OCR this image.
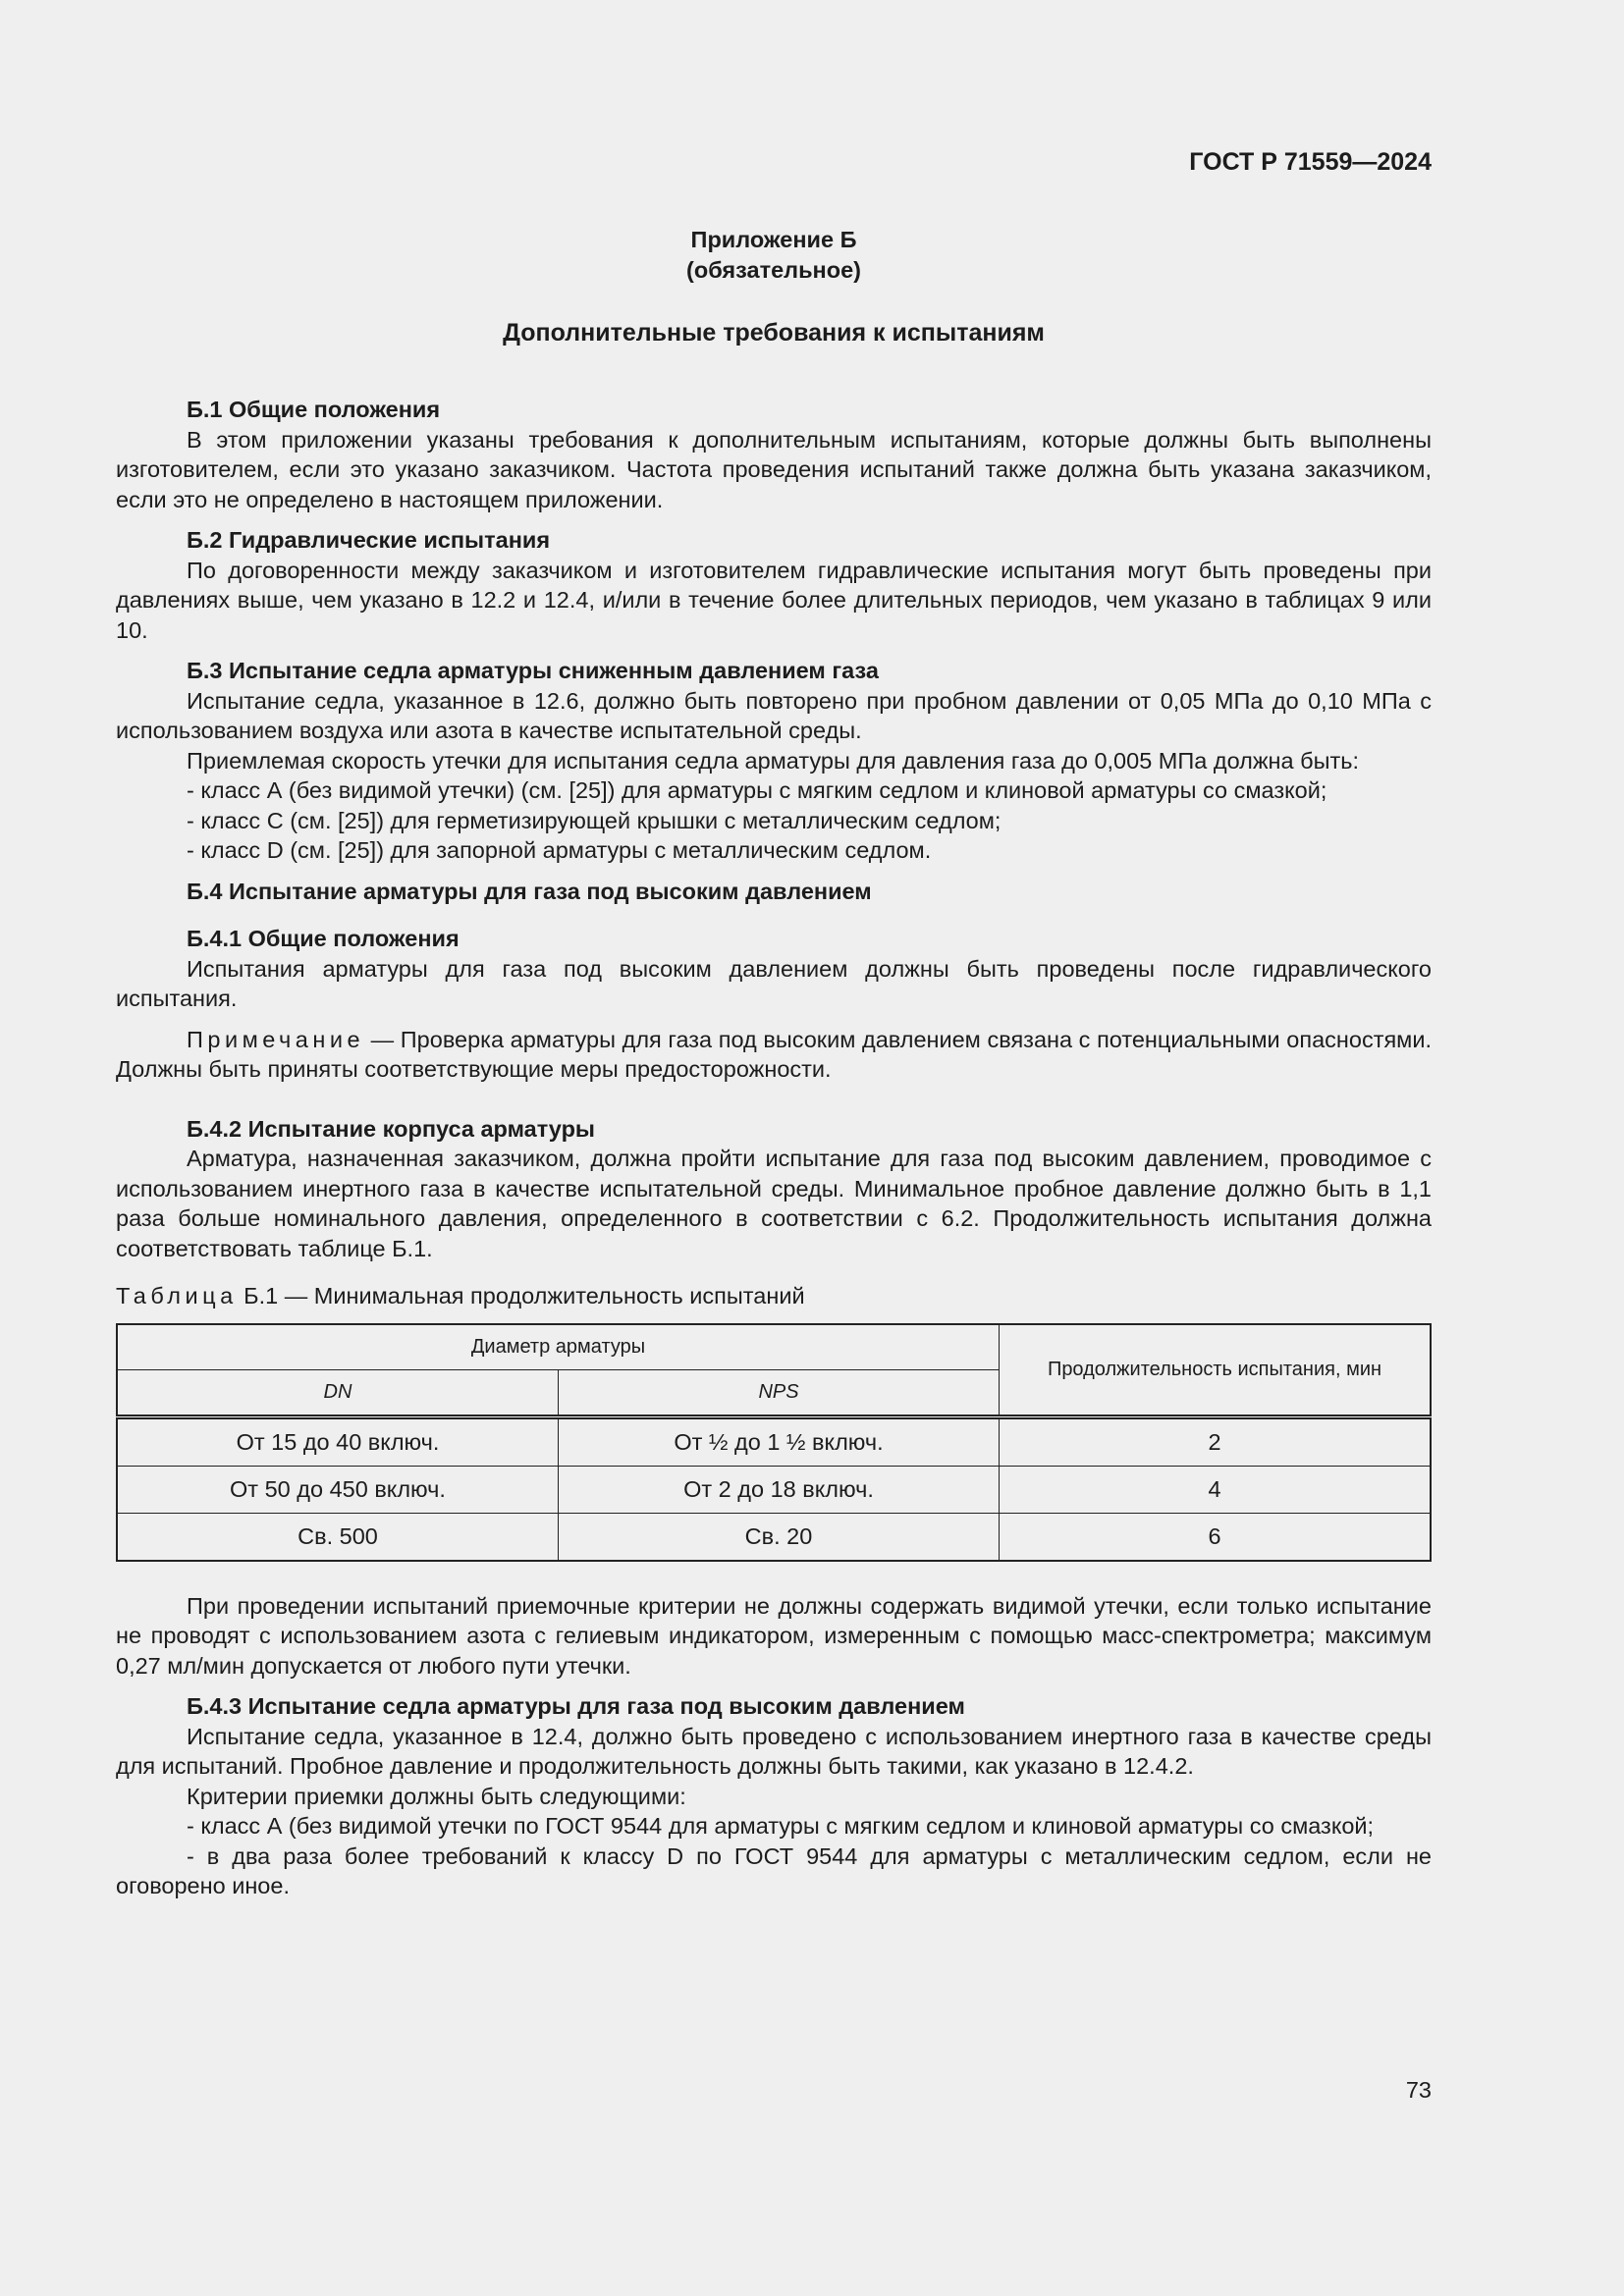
ГОСТ Р 71559—2024
Приложение Б
(обязательное)
Дополнительные требования к испытаниям
Б.1 Общие положения

В этом приложении указаны требования к дополнительным испытаниям, которые должны быть выполнены изготовителем, если это указано заказчиком. Частота проведения испытаний также должна быть указана заказчиком, если это не определено в настоящем приложении.

Б.2 Гидравлические испытания

По договоренности между заказчиком и изготовителем гидравлические испытания могут быть проведены при давлениях выше, чем указано в 12.2 и 12.4, и/или в течение более длительных периодов, чем указано в таблицах 9 или 10.

Б.3 Испытание седла арматуры сниженным давлением газа

Испытание седла, указанное в 12.6, должно быть повторено при пробном давлении от 0,05 МПа до 0,10 МПа с использованием воздуха или азота в качестве испытательной среды.

Приемлемая скорость утечки для испытания седла арматуры для давления газа до 0,005 МПа должна быть:

- класс А (без видимой утечки) (см. [25]) для арматуры с мягким седлом и клиновой арматуры со смазкой;
- класс С (см. [25]) для герметизирующей крышки с металлическим седлом;
- класс D (см. [25]) для запорной арматуры с металлическим седлом.
Б.4 Испытание арматуры для газа под высоким давлением
Б.4.1 Общие положения

Испытания арматуры для газа под высоким давлением должны быть проведены после гидравлического испытания.

Примечание — Проверка арматуры для газа под высоким давлением связана с потенциальными опасностями. Должны быть приняты соответствующие меры предосторожности.

Б.4.2 Испытание корпуса арматуры

Арматура, назначенная заказчиком, должна пройти испытание для газа под высоким давлением, проводимое с использованием инертного газа в качестве испытательной среды. Минимальное пробное давление должно быть в 1,1 раза больше номинального давления, определенного в соответствии с 6.2. Продолжительность испытания должна соответствовать таблице Б.1.

Таблица Б.1 — Минимальная продолжительность испытаний
Диаметр арматуры		Продолжительность испытания, мин
DN	NPS	
От 15 до 40 включ.	От ½ до 1 ½ включ.	2
От 50 до 450 включ.	От 2 до 18 включ.	4
Св. 500	Св. 20	6

При проведении испытаний приемочные критерии не должны содержать видимой утечки, если только испытание не проводят с использованием азота с гелиевым индикатором, измеренным с помощью масс-спектрометра; максимум 0,27 мл/мин допускается от любого пути утечки.

Б.4.3 Испытание седла арматуры для газа под высоким давлением

Испытание седла, указанное в 12.4, должно быть проведено с использованием инертного газа в качестве среды для испытаний. Пробное давление и продолжительность должны быть такими, как указано в 12.4.2.

Критерии приемки должны быть следующими:

- класс А (без видимой утечки по ГОСТ 9544 для арматуры с мягким седлом и клиновой арматуры со смазкой;

- в два раза более требований к классу D по ГОСТ 9544 для арматуры с металлическим седлом, если не оговорено иное.

73
